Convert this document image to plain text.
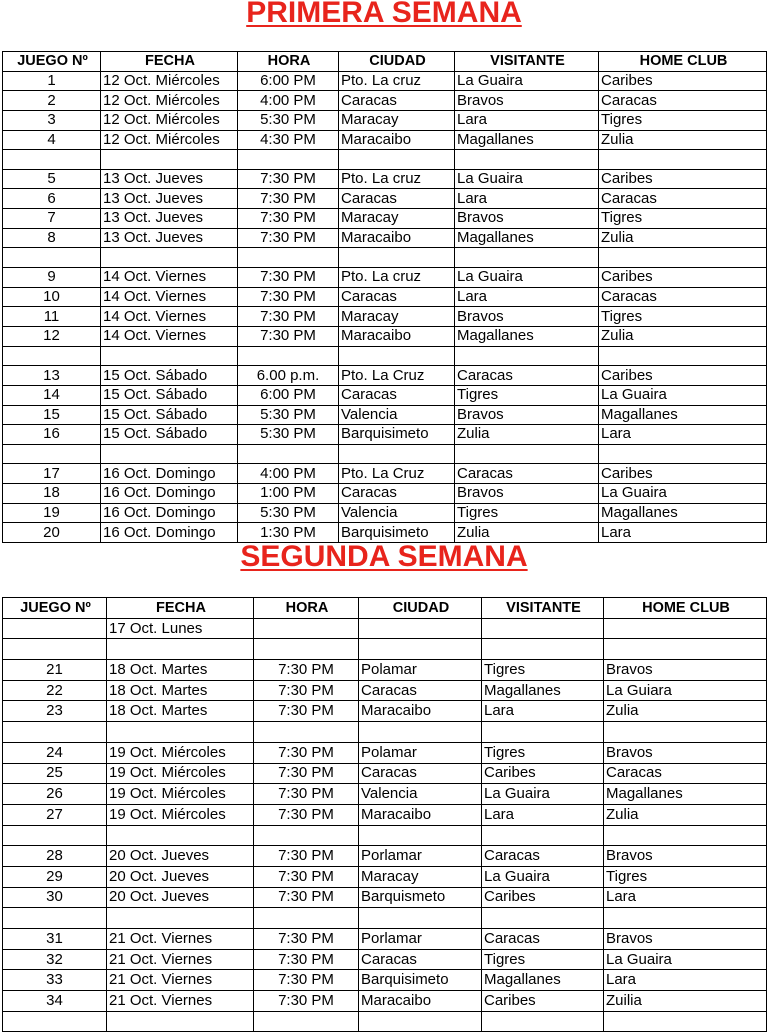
PRIMERA SEMANA
JUEGO Nº	FECHA	HORA	CIUDAD	VISITANTE	HOME CLUB
1	12 Oct. Miércoles	6:00 PM	Pto. La cruz	La Guaira	Caribes
2	12 Oct. Miércoles	4:00 PM	Caracas	Bravos	Caracas
3	12 Oct. Miércoles	5:30 PM	Maracay	Lara	Tigres
4	12 Oct. Miércoles	4:30 PM	Maracaibo	Magallanes	Zulia

5	13 Oct. Jueves	7:30 PM	Pto. La cruz	La Guaira	Caribes
6	13 Oct. Jueves	7:30 PM	Caracas	Lara	Caracas
7	13 Oct. Jueves	7:30 PM	Maracay	Bravos	Tigres
8	13 Oct. Jueves	7:30 PM	Maracaibo	Magallanes	Zulia

9	14 Oct. Viernes	7:30 PM	Pto. La cruz	La Guaira	Caribes
10	14 Oct. Viernes	7:30 PM	Caracas	Lara	Caracas
11	14 Oct. Viernes	7:30 PM	Maracay	Bravos	Tigres
12	14 Oct. Viernes	7:30 PM	Maracaibo	Magallanes	Zulia

13	15 Oct. Sábado	6.00 p.m.	Pto. La Cruz	Caracas	Caribes
14	15 Oct. Sábado	6:00 PM	Caracas	Tigres	La Guaira
15	15 Oct. Sábado	5:30 PM	Valencia	Bravos	Magallanes
16	15 Oct. Sábado	5:30 PM	Barquisimeto	Zulia	Lara

17	16 Oct. Domingo	4:00 PM	Pto. La Cruz	Caracas	Caribes
18	16 Oct. Domingo	1:00 PM	Caracas	Bravos	La Guaira
19	16 Oct. Domingo	5:30 PM	Valencia	Tigres	Magallanes
20	16 Oct. Domingo	1:30 PM	Barquisimeto	Zulia	Lara
SEGUNDA SEMANA
JUEGO Nº	FECHA	HORA	CIUDAD	VISITANTE	HOME CLUB
	17 Oct. Lunes				

21	18 Oct. Martes	7:30 PM	Polamar	Tigres	Bravos
22	18 Oct. Martes	7:30 PM	Caracas	Magallanes	La Guiara
23	18 Oct. Martes	7:30 PM	Maracaibo	Lara	Zulia

24	19 Oct. Miércoles	7:30 PM	Polamar	Tigres	Bravos
25	19 Oct. Miércoles	7:30 PM	Caracas	Caribes	Caracas
26	19 Oct. Miércoles	7:30 PM	Valencia	La Guaira	Magallanes
27	19 Oct. Miércoles	7:30 PM	Maracaibo	Lara	Zulia

28	20 Oct. Jueves	7:30 PM	Porlamar	Caracas	Bravos
29	20 Oct. Jueves	7:30 PM	Maracay	La Guaira	Tigres
30	20 Oct. Jueves	7:30 PM	Barquismeto	Caribes	Lara

31	21 Oct. Viernes	7:30 PM	Porlamar	Caracas	Bravos
32	21 Oct. Viernes	7:30 PM	Caracas	Tigres	La Guaira
33	21 Oct. Viernes	7:30 PM	Barquisimeto	Magallanes	Lara
34	21 Oct. Viernes	7:30 PM	Maracaibo	Caribes	Zuilia
